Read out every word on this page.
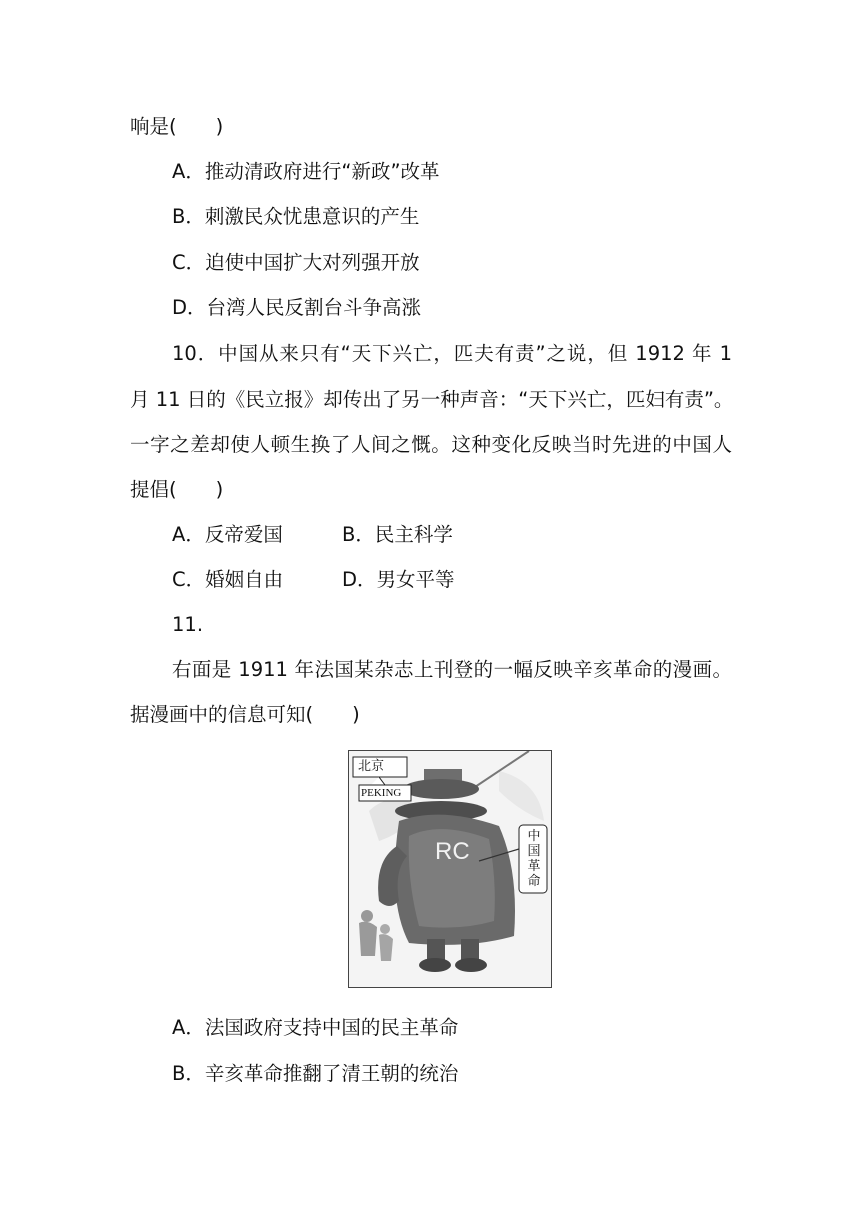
响是(　　)
A．推动清政府进行“新政”改革
B．刺激民众忧患意识的产生
C．迫使中国扩大对列强开放
D．台湾人民反割台斗争高涨
10．中国从来只有“天下兴亡，匹夫有责”之说，但 1912 年 1
月 11 日的《民立报》却传出了另一种声音：“天下兴亡，匹妇有责”。
一字之差却使人顿生换了人间之慨。这种变化反映当时先进的中国人
提倡(　　)
A．反帝爱国	B．民主科学
C．婚姻自由	D．男女平等
11.
右面是 1911 年法国某杂志上刊登的一幅反映辛亥革命的漫画。
据漫画中的信息可知(　　)
北京
PEKING
RC
中
国
革
命
A．法国政府支持中国的民主革命
B．辛亥革命推翻了清王朝的统治
